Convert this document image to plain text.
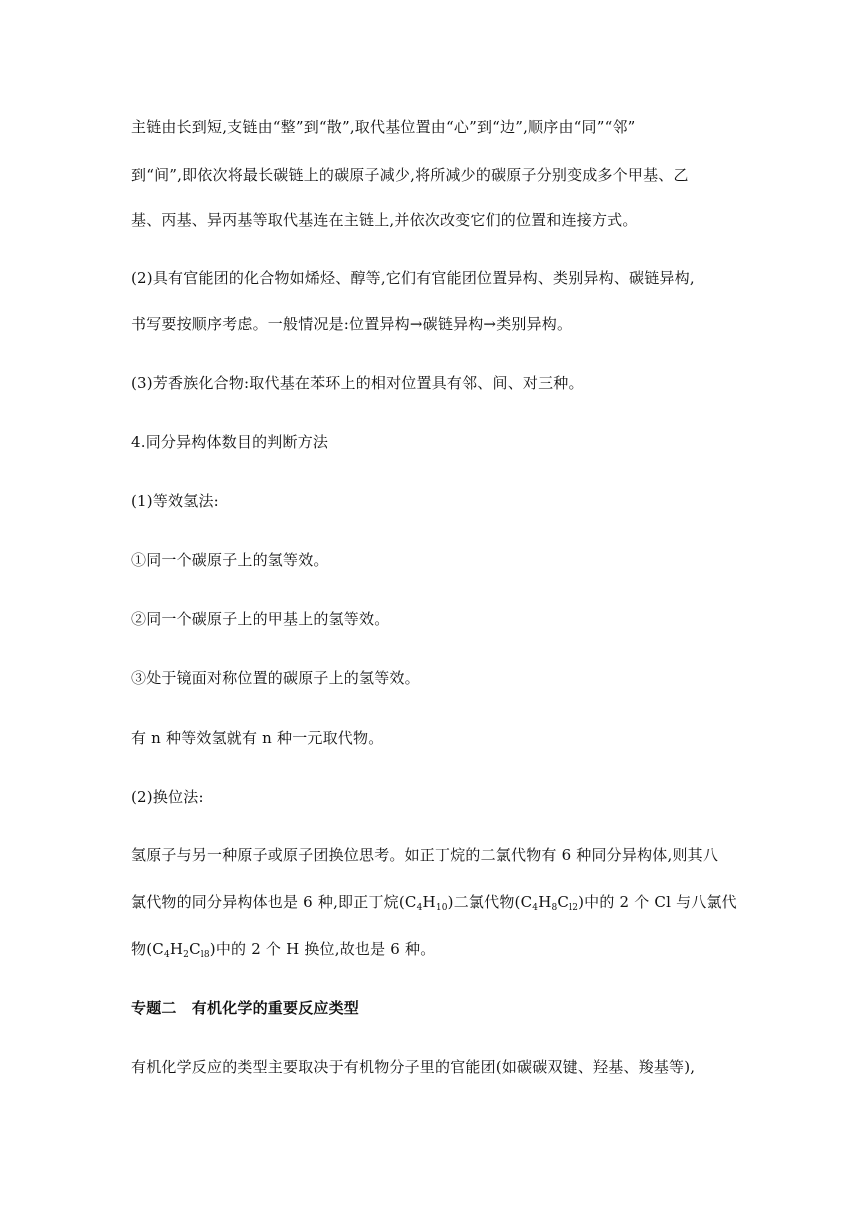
主链由长到短,支链由“整”到“散”,取代基位置由“心”到“边”,顺序由“同”“邻”
到“间”,即依次将最长碳链上的碳原子减少,将所减少的碳原子分别变成多个甲基、乙
基、丙基、异丙基等取代基连在主链上,并依次改变它们的位置和连接方式。
(2)具有官能团的化合物如烯烃、醇等,它们有官能团位置异构、类别异构、碳链异构,
书写要按顺序考虑。一般情况是:位置异构→碳链异构→类别异构。
(3)芳香族化合物:取代基在苯环上的相对位置具有邻、间、对三种。
4.同分异构体数目的判断方法
(1)等效氢法:
①同一个碳原子上的氢等效。
②同一个碳原子上的甲基上的氢等效。
③处于镜面对称位置的碳原子上的氢等效。
有 n 种等效氢就有 n 种一元取代物。
(2)换位法:
氢原子与另一种原子或原子团换位思考。如正丁烷的二氯代物有 6 种同分异构体,则其八
氯代物的同分异构体也是 6 种,即正丁烷$(C_4H_{10})$二氯代物$(C_4H_8C_{l2})$中的 2 个 Cl 与八氯代
物$(C_4H_2C_{l8})$中的 2 个 H 换位,故也是 6 种。
专题二　有机化学的重要反应类型
有机化学反应的类型主要取决于有机物分子里的官能团(如碳碳双键、羟基、羧基等),
